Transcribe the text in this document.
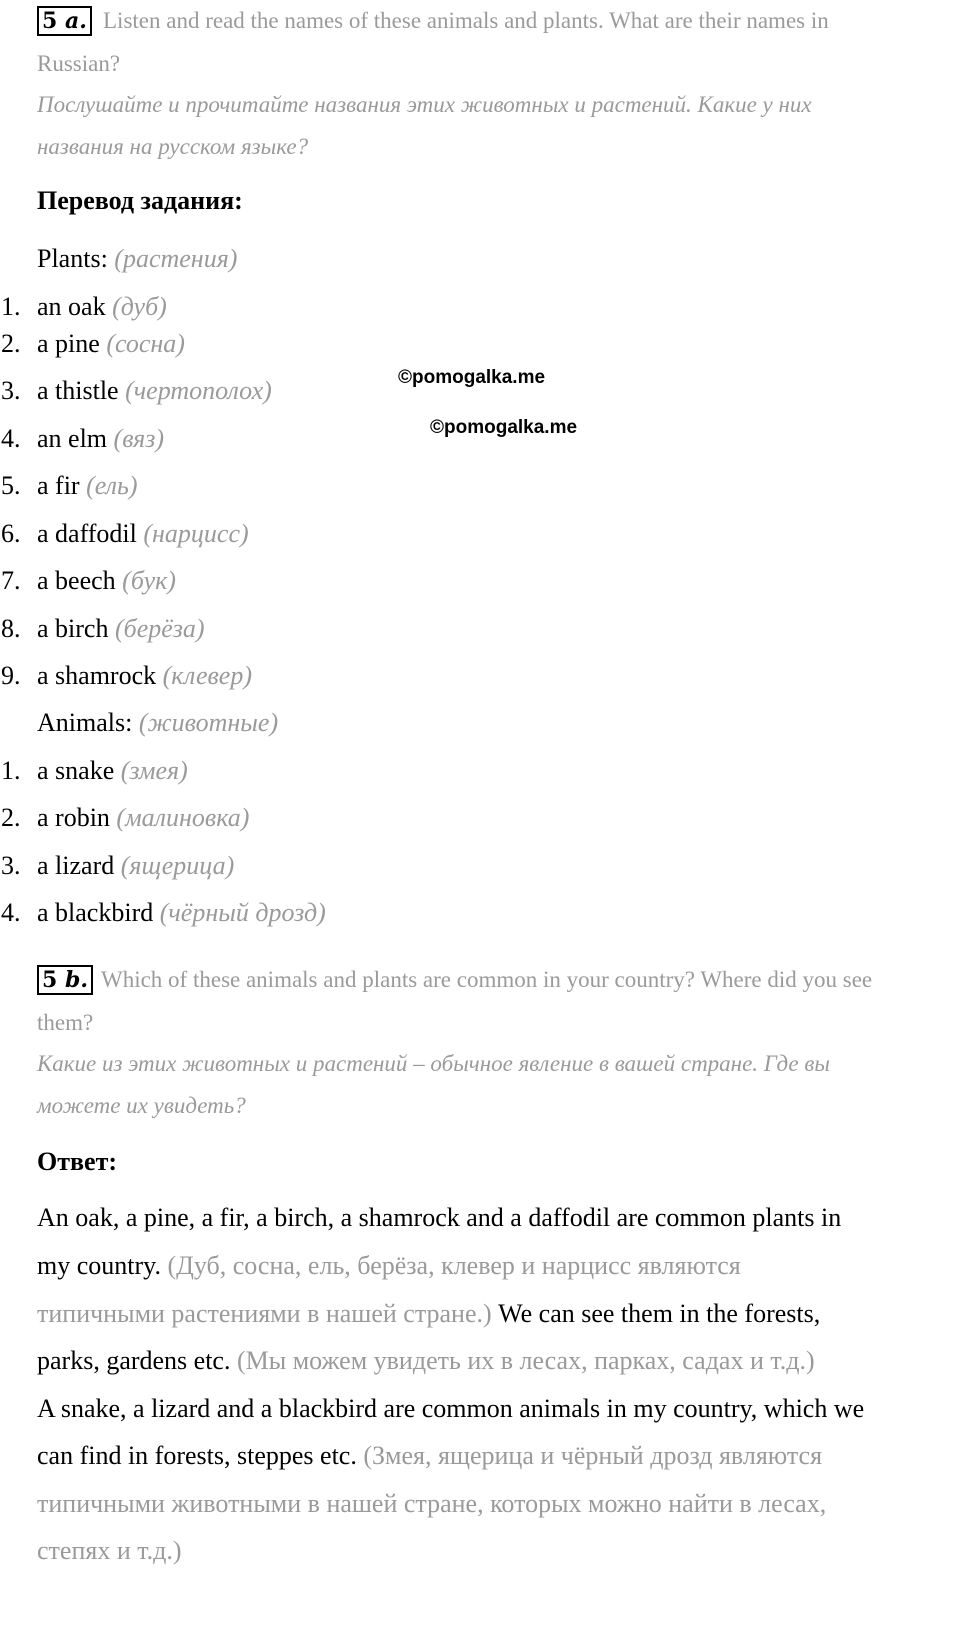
5 a. Listen and read the names of these animals and plants. What are their names in
Russian?
Послушайте и прочитайте названия этих животных и растений. Какие у них
названия на русском языке?
Перевод задания:
Plants: (растения)
1. an oak (дуб)
2. a pine (сосна)
3. a thistle (чертополох)
4. an elm (вяз)
5. a fir (ель)
6. a daffodil (нарцисс)
7. a beech (бук)
8. a birch (берёза)
9. a shamrock (клевер)
Animals: (животные)
1. a snake (змея)
2. a robin (малиновка)
3. a lizard (ящерица)
4. a blackbird (чёрный дрозд)
©pomogalka.me
©pomogalka.me
5 b. Which of these animals and plants are common in your country? Where did you see
them?
Какие из этих животных и растений – обычное явление в вашей стране. Где вы
можете их увидеть?
Ответ:
An oak, a pine, a fir, a birch, a shamrock and a daffodil are common plants in
my country. (Дуб, сосна, ель, берёза, клевер и нарцисс являются
типичными растениями в нашей стране.) We can see them in the forests,
parks, gardens etc. (Мы можем увидеть их в лесах, парках, садах и т.д.)
A snake, a lizard and a blackbird are common animals in my country, which we
can find in forests, steppes etc. (Змея, ящерица и чёрный дрозд являются
типичными животными в нашей стране, которых можно найти в лесах,
степях и т.д.)
